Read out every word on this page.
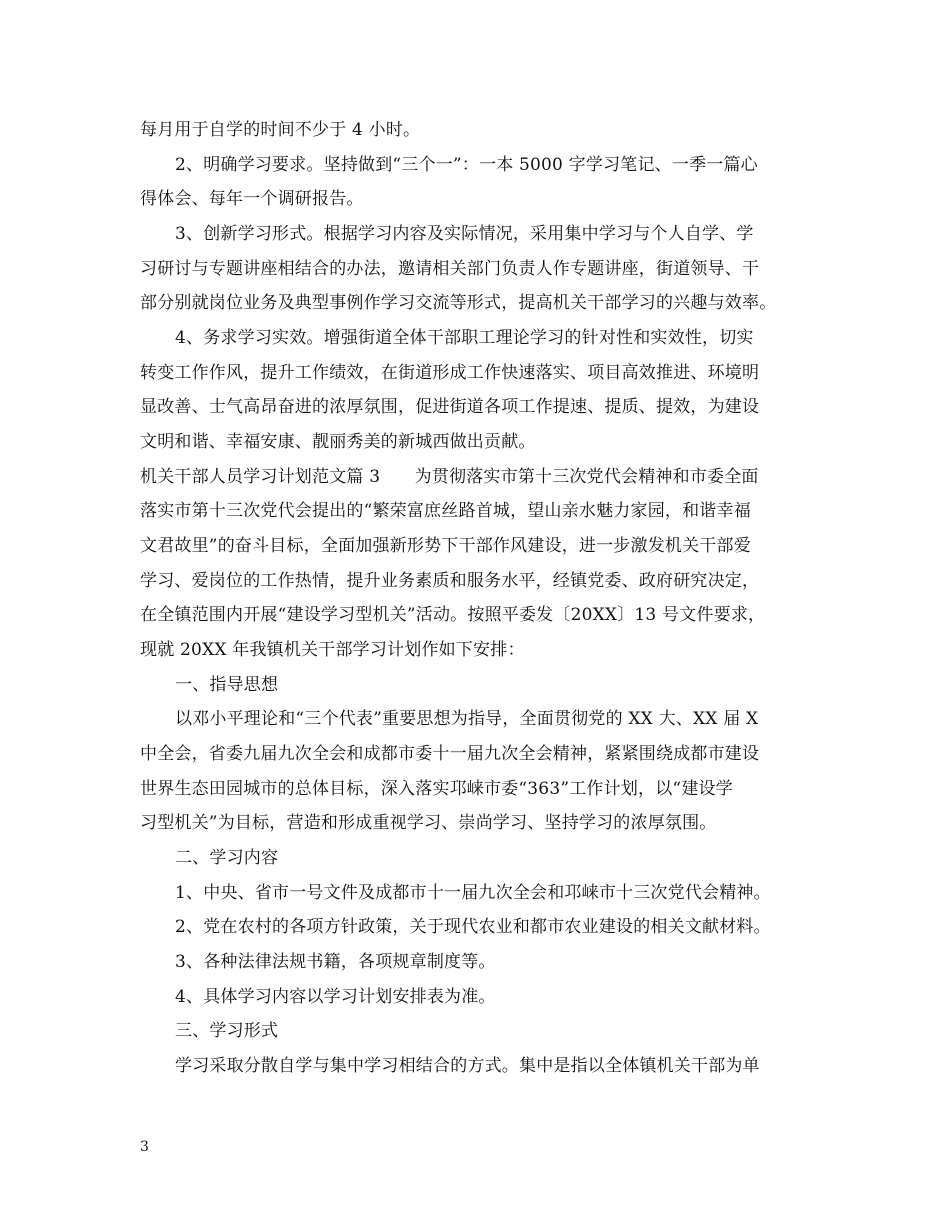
每月用于自学的时间不少于 4 小时。
2、明确学习要求。坚持做到“三个一”：一本 5000 字学习笔记、一季一篇心
得体会、每年一个调研报告。
3、创新学习形式。根据学习内容及实际情况，采用集中学习与个人自学、学
习研讨与专题讲座相结合的办法，邀请相关部门负责人作专题讲座，街道领导、干
部分别就岗位业务及典型事例作学习交流等形式，提高机关干部学习的兴趣与效率。
4、务求学习实效。增强街道全体干部职工理论学习的针对性和实效性，切实
转变工作作风，提升工作绩效，在街道形成工作快速落实、项目高效推进、环境明
显改善、士气高昂奋进的浓厚氛围，促进街道各项工作提速、提质、提效，为建设
文明和谐、幸福安康、靓丽秀美的新城西做出贡献。
机关干部人员学习计划范文篇 3　　为贯彻落实市第十三次党代会精神和市委全面
落实市第十三次党代会提出的“繁荣富庶丝路首城，望山亲水魅力家园，和谐幸福
文君故里”的奋斗目标，全面加强新形势下干部作风建设，进一步激发机关干部爱
学习、爱岗位的工作热情，提升业务素质和服务水平，经镇党委、政府研究决定，
在全镇范围内开展“建设学习型机关”活动。按照平委发〔20XX〕13 号文件要求，
现就 20XX 年我镇机关干部学习计划作如下安排：
一、指导思想
以邓小平理论和“三个代表”重要思想为指导，全面贯彻党的 XX 大、XX 届 X
中全会，省委九届九次全会和成都市委十一届九次全会精神，紧紧围绕成都市建设
世界生态田园城市的总体目标，深入落实邛崃市委“363”工作计划，以“建设学
习型机关”为目标，营造和形成重视学习、崇尚学习、坚持学习的浓厚氛围。
二、学习内容
1、中央、省市一号文件及成都市十一届九次全会和邛崃市十三次党代会精神。
2、党在农村的各项方针政策，关于现代农业和都市农业建设的相关文献材料。
3、各种法律法规书籍，各项规章制度等。
4、具体学习内容以学习计划安排表为准。
三、学习形式
学习采取分散自学与集中学习相结合的方式。集中是指以全体镇机关干部为单
3
